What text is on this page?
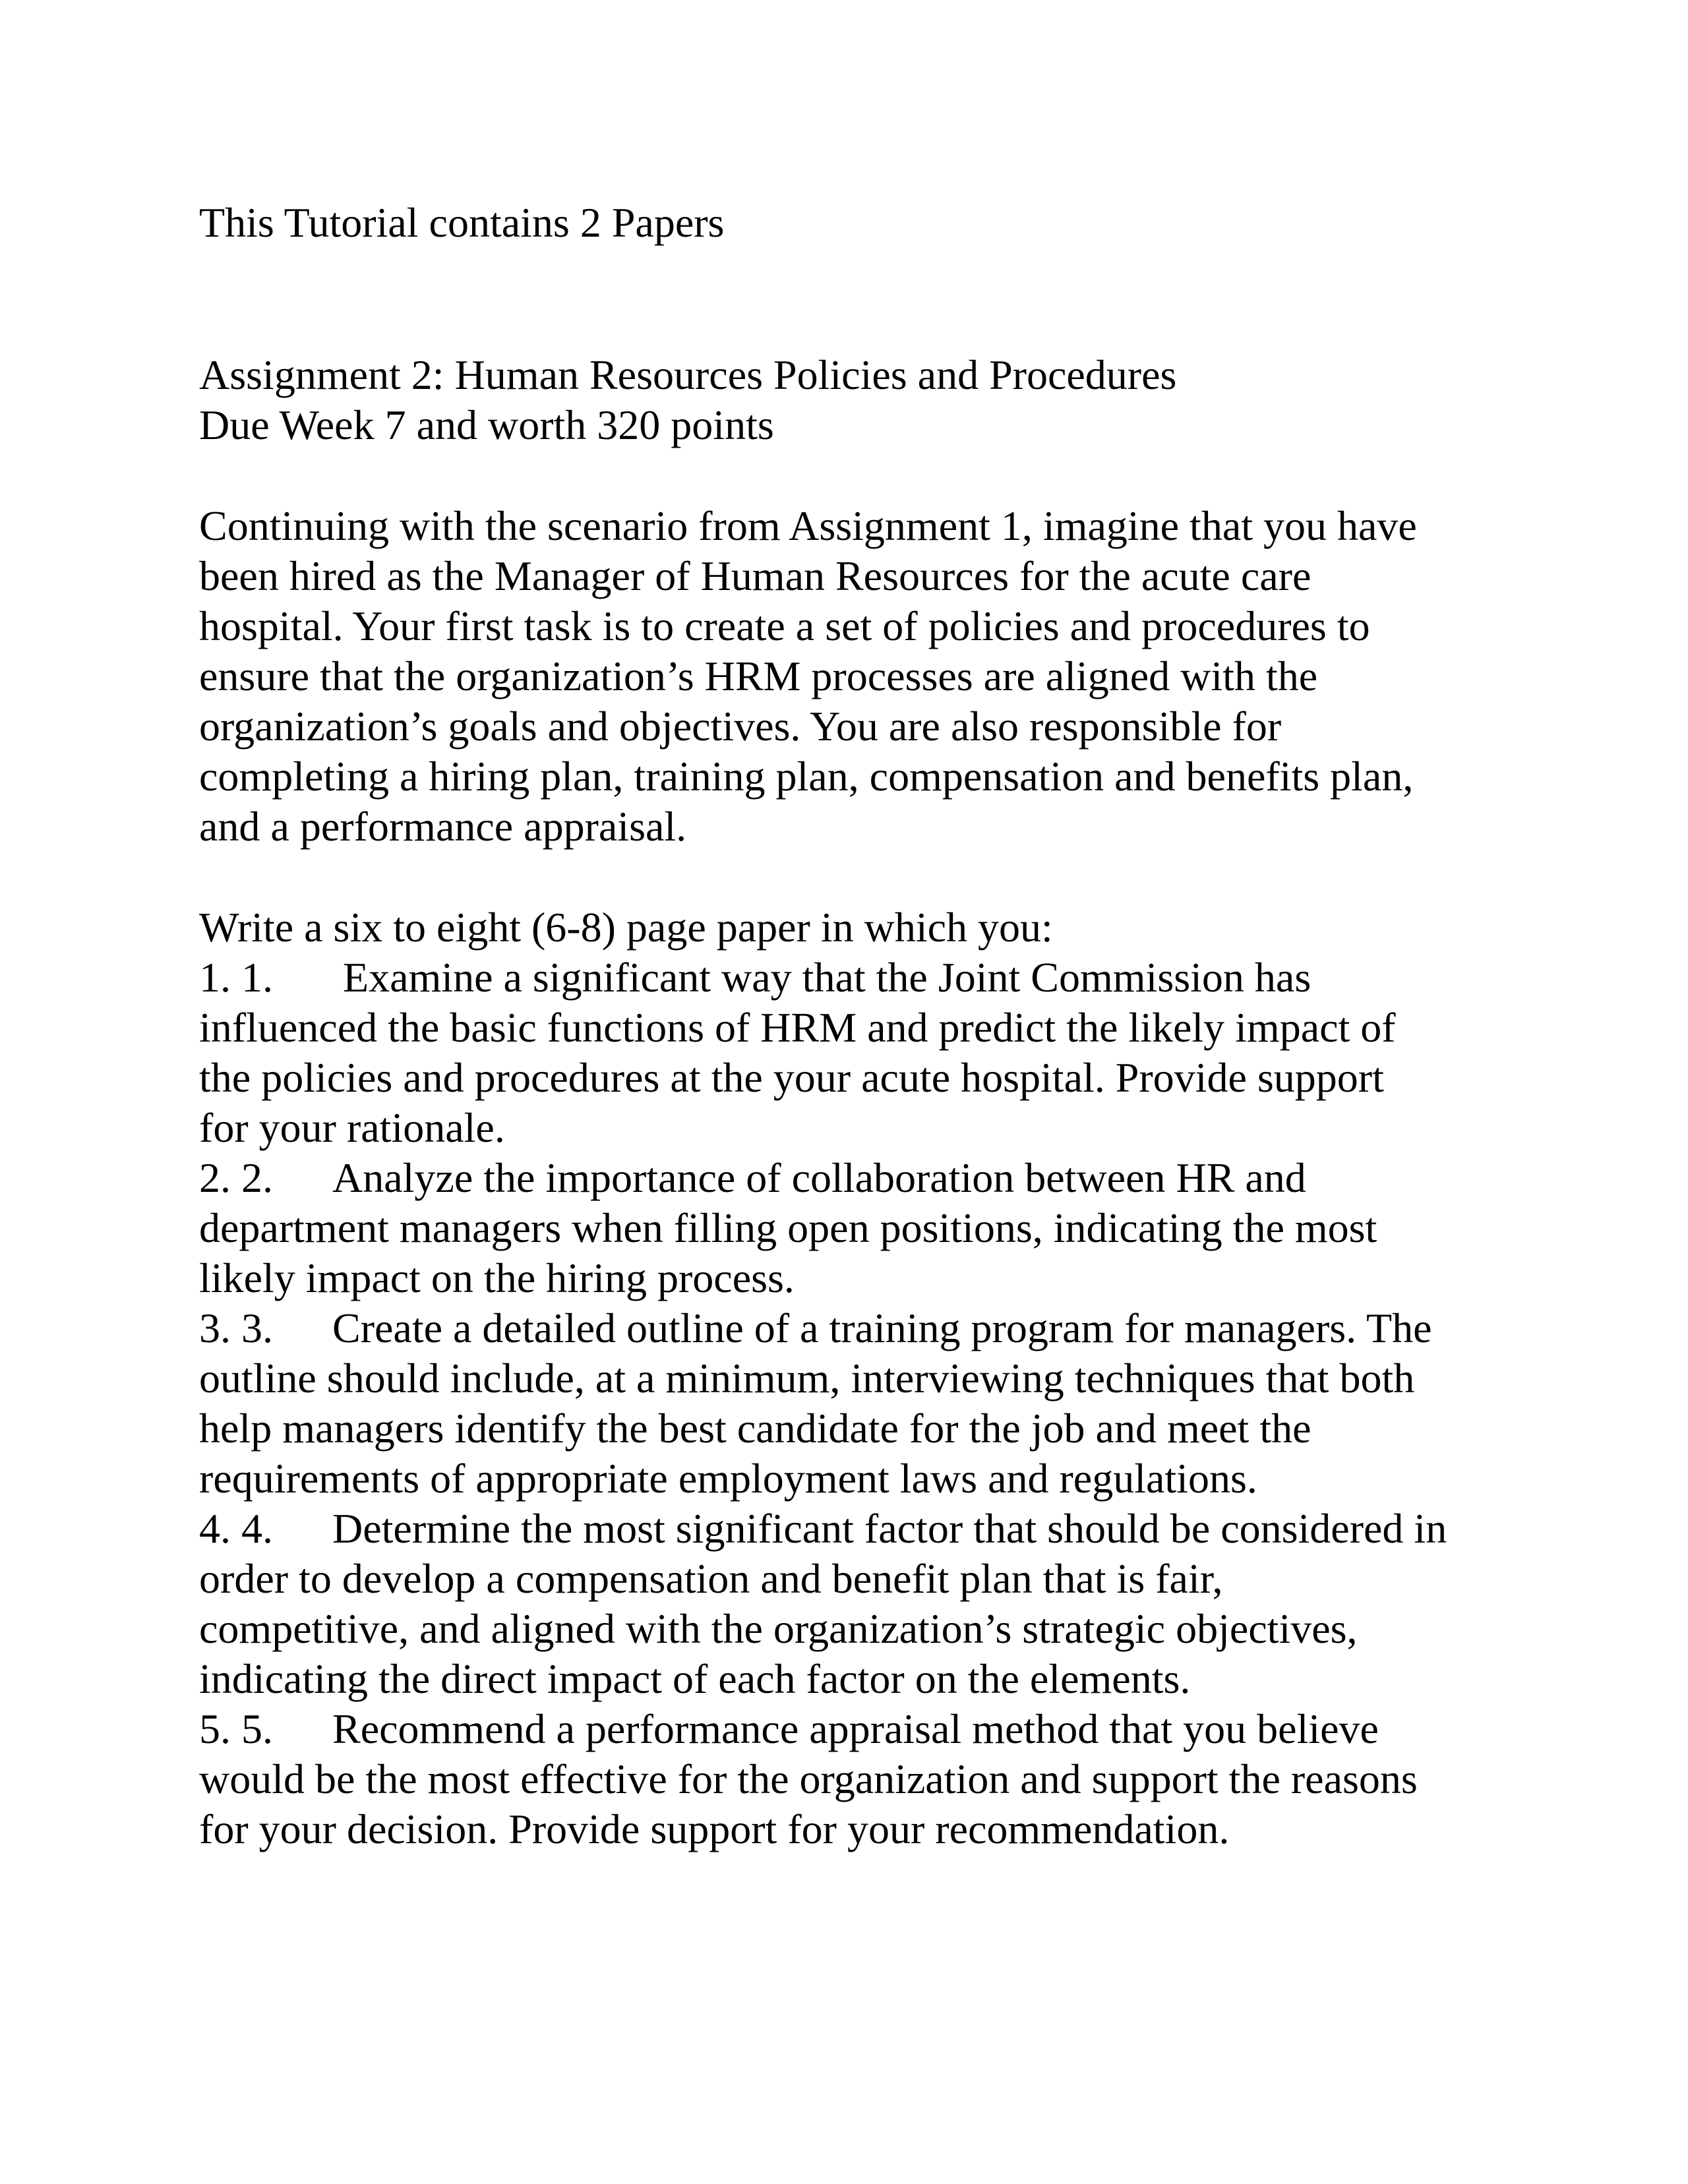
This Tutorial contains 2 Papers

Assignment 2: Human Resources Policies and Procedures

Due Week 7 and worth 320 points

Continuing with the scenario from Assignment 1, imagine that you have

been hired as the Manager of Human Resources for the acute care

hospital. Your first task is to create a set of policies and procedures to

ensure that the organization’s HRM processes are aligned with the

organization’s goals and objectives. You are also responsible for

completing a hiring plan, training plan, compensation and benefits plan,

and a performance appraisal.

Write a six to eight (6-8) page paper in which you:

1. 1. Examine a significant way that the Joint Commission has

influenced the basic functions of HRM and predict the likely impact of

the policies and procedures at the your acute hospital. Provide support

for your rationale.

2. 2. Analyze the importance of collaboration between HR and

department managers when filling open positions, indicating the most

likely impact on the hiring process.

3. 3. Create a detailed outline of a training program for managers. The

outline should include, at a minimum, interviewing techniques that both

help managers identify the best candidate for the job and meet the

requirements of appropriate employment laws and regulations.

4. 4. Determine the most significant factor that should be considered in

order to develop a compensation and benefit plan that is fair,

competitive, and aligned with the organization’s strategic objectives,

indicating the direct impact of each factor on the elements.

5. 5. Recommend a performance appraisal method that you believe

would be the most effective for the organization and support the reasons

for your decision. Provide support for your recommendation.
